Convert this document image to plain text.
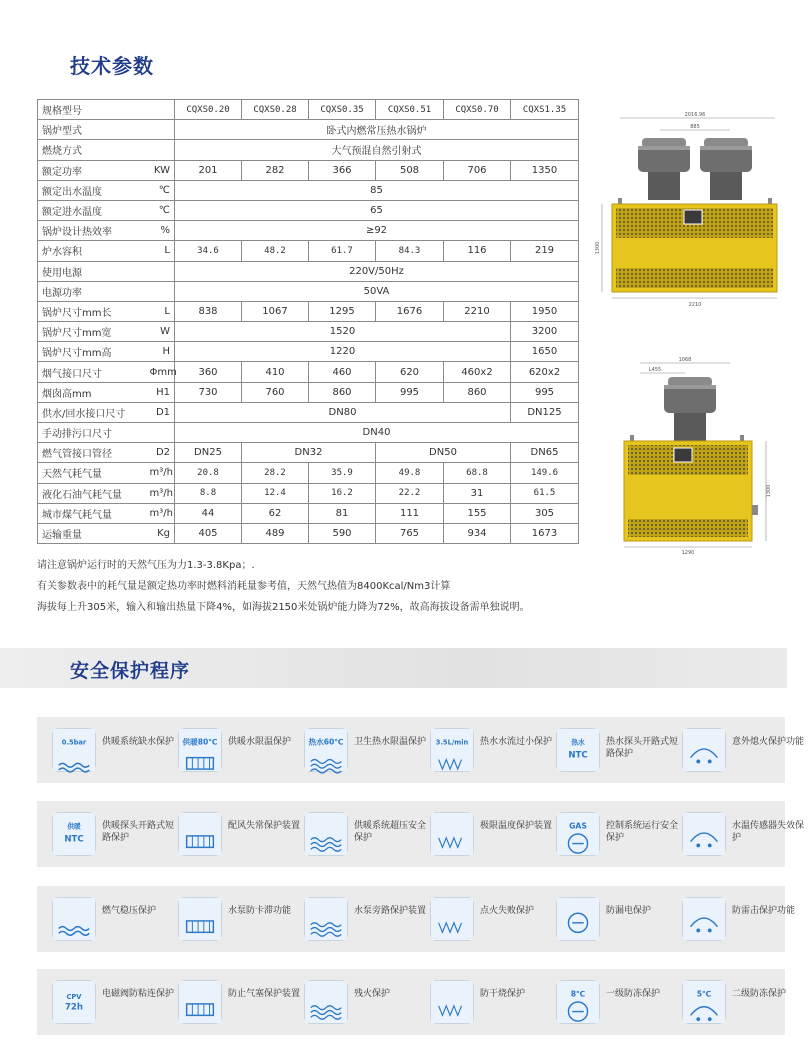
技术参数
规格型号		CQXS0.20	CQXS0.28	CQXS0.35	CQXS0.51	CQXS0.70	CQXS1.35
锅炉型式		卧式内燃常压热水锅炉					
燃烧方式		大气预混自然引射式					
额定功率	KW	201	282	366	508	706	1350
额定出水温度	℃	85					
额定进水温度	℃	65					
锅炉设计热效率	%	≥92					
炉水容积	L	34.6	48.2	61.7	84.3	116	219
使用电源		220V/50Hz					
电源功率		50VA					
锅炉尺寸mm长	L	838	1067	1295	1676	2210	1950
锅炉尺寸mm宽	W	1520					3200
锅炉尺寸mm高	H	1220					1650
烟气接口尺寸	Φmm	360	410	460	620	460x2	620x2
烟囱高mm	H1	730	760	860	995	860	995
供水/回水接口尺寸	D1	DN80					DN125
手动排污口尺寸		DN40					
燃气管接口管径	D2	DN25	DN32		DN50		DN65
天然气耗气量	m³/h	20.8	28.2	35.9	49.8	68.8	149.6
液化石油气耗气量	m³/h	8.8	12.4	16.2	22.2	31	61.5
城市煤气耗气量	m³/h	44	62	81	111	155	305
运输重量	Kg	405	489	590	765	934	1673
2016.96
885
2210
1300
1068
L455
1290
1300
请注意锅炉运行时的天然气压为力1.3-3.8Kpa；.
有关参数表中的耗气量是额定热功率时燃料消耗量参考值，天然气热值为8400Kcal/Nm3计算
海拔每上升305米，输入和输出热量下降4%，如海拔2150米处锅炉能力降为72%，故高海拔设备需单独说明。
安全保护程序
0.5bar 供暖系统缺水保护	供暖80℃ 供暖水限温保护	热水60℃ 卫生热水限温保护	3.5L/min 热水水流过小保护	热水
NTC
热水探头开路式短路保护
意外熄火保护功能
供暖
NTC
供暖探头开路式短路保护
配风失常保护装置	供暖系统超压安全保护
极限温度保护装置	GAS 控制系统运行安全保护
水温传感器失效保护
燃气稳压保护	水泵防卡滞功能	水泵旁路保护装置	点火失败保护	防漏电保护	防雷击保护功能
CPV
72h
电磁阀防粘连保护	防止气塞保护装置	残火保护	防干烧保护	8℃ 一级防冻保护	5℃ 二级防冻保护
